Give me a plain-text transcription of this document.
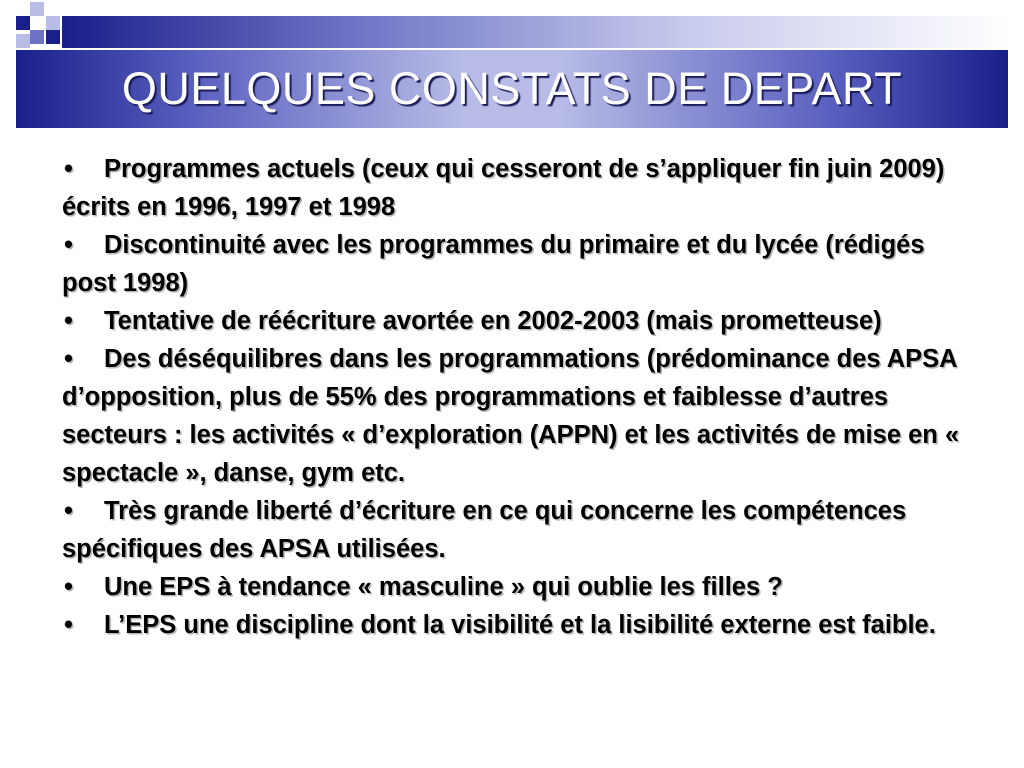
QUELQUES CONSTATS DE DEPART

• Programmes actuels (ceux qui cesseront de s’appliquer fin juin 2009) écrits en 1996, 1997 et 1998

• Discontinuité avec les programmes du primaire et du lycée (rédigés post 1998)

• Tentative de réécriture avortée en 2002-2003 (mais prometteuse)

• Des déséquilibres dans les programmations (prédominance des APSA d’opposition, plus de 55% des programmations et faiblesse d’autres secteurs : les activités « d’exploration (APPN) et les activités de mise en « spectacle », danse, gym etc.

• Très grande liberté d’écriture en ce qui concerne les compétences spécifiques des APSA utilisées.

• Une EPS à tendance « masculine » qui oublie les filles ?

• L’EPS une discipline dont la visibilité et la lisibilité externe est faible.
